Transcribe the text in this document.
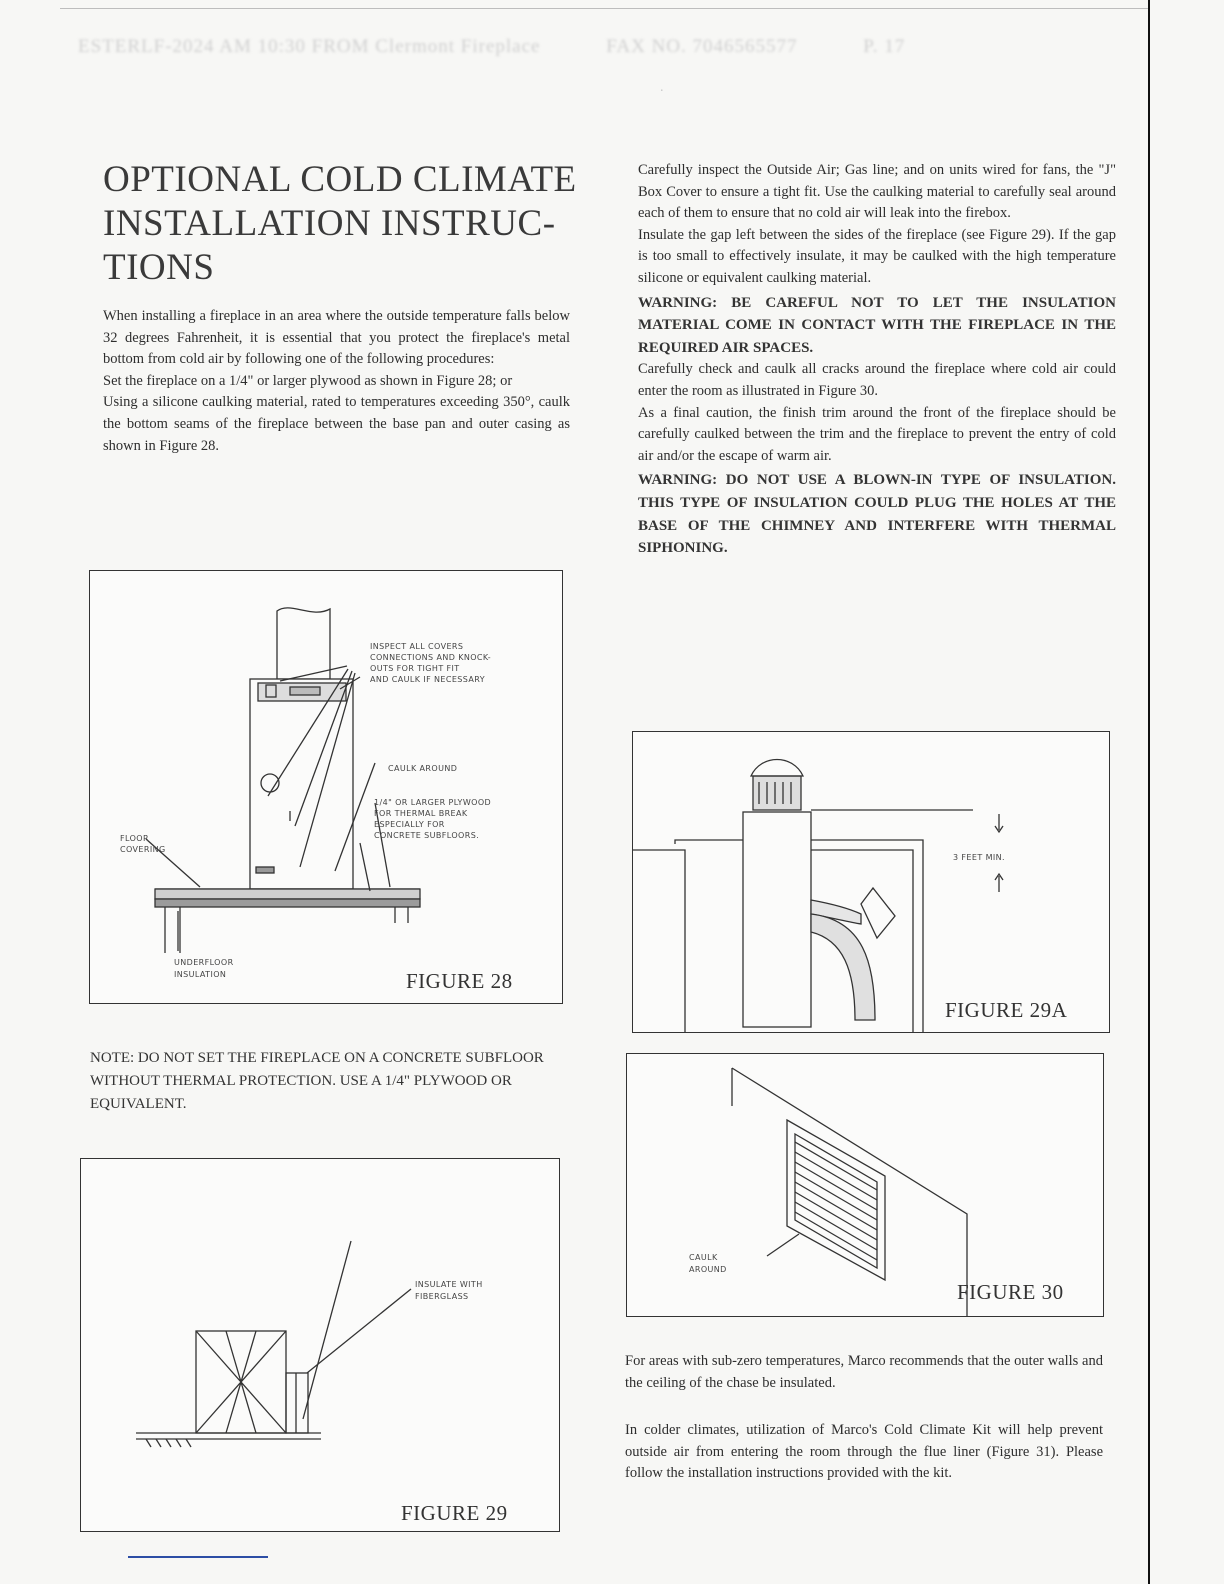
ESTERLF-2024 AM 10:30 FROM Clermont Fireplace	FAX NO. 7046565577	P. 17
.
OPTIONAL COLD CLIMATE INSTALLATION INSTRUC-TIONS

When installing a fireplace in an area where the outside temperature falls below 32 degrees Fahrenheit, it is essential that you protect the fireplace's metal bottom from cold air by following one of the following procedures:

Set the fireplace on a 1/4" or larger plywood as shown in Figure 28; or

Using a silicone caulking material, rated to temperatures exceeding 350°, caulk the bottom seams of the fireplace between the base pan and outer casing as shown in Figure 28.

INSPECT ALL COVERS
CONNECTIONS AND KNOCK-
OUTS FOR TIGHT FIT
AND CAULK IF NECESSARY
CAULK AROUND
1/4" OR LARGER PLYWOOD
FOR THERMAL BREAK
ESPECIALLY FOR
CONCRETE SUBFLOORS.
FLOOR
COVERING
UNDERFLOOR
INSULATION	FIGURE 28

NOTE: DO NOT SET THE FIREPLACE ON A CONCRETE SUBFLOOR WITHOUT THERMAL PROTECTION. USE A 1/4" PLYWOOD OR EQUIVALENT.

INSULATE WITH
FIBERGLASS
FIGURE 29

Carefully inspect the Outside Air; Gas line; and on units wired for fans, the "J" Box Cover to ensure a tight fit. Use the caulking material to carefully seal around each of them to ensure that no cold air will leak into the firebox.

Insulate the gap left between the sides of the fireplace (see Figure 29). If the gap is too small to effectively insulate, it may be caulked with the high temperature silicone or equivalent caulking material.

WARNING: BE CAREFUL NOT TO LET THE INSULATION MATERIAL COME IN CONTACT WITH THE FIREPLACE IN THE REQUIRED AIR SPACES.

Carefully check and caulk all cracks around the fireplace where cold air could enter the room as illustrated in Figure 30.

As a final caution, the finish trim around the front of the fireplace should be carefully caulked between the trim and the fireplace to prevent the entry of cold air and/or the escape of warm air.

WARNING: DO NOT USE A BLOWN-IN TYPE OF INSULATION. THIS TYPE OF INSULATION COULD PLUG THE HOLES AT THE BASE OF THE CHIMNEY AND INTERFERE WITH THERMAL SIPHONING.

3 FEET MIN.
FIGURE 29A
CAULK
AROUND
FIGURE 30

For areas with sub-zero temperatures, Marco recommends that the outer walls and the ceiling of the chase be insulated.

In colder climates, utilization of Marco's Cold Climate Kit will help prevent outside air from entering the room through the flue liner (Figure 31). Please follow the installation instructions provided with the kit.
